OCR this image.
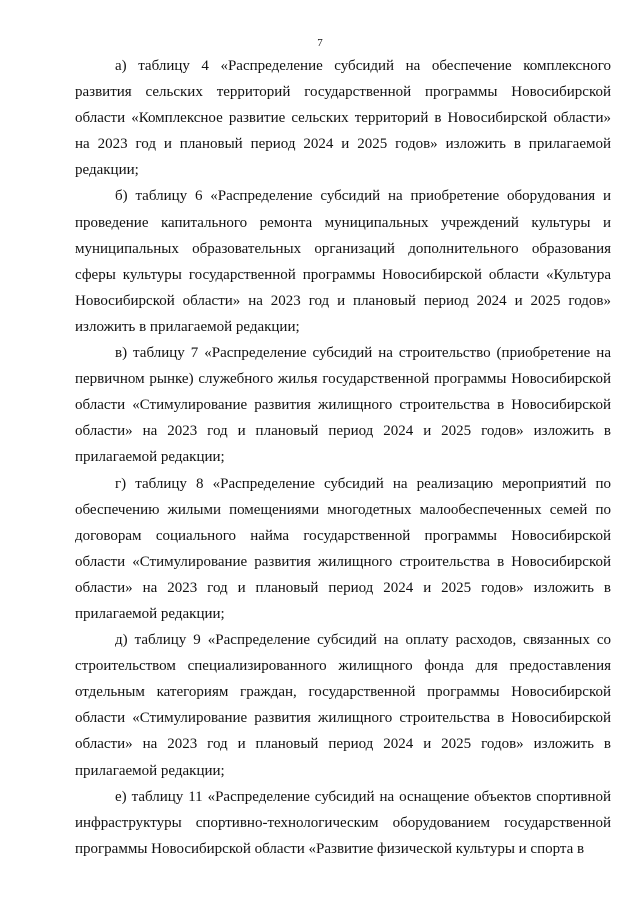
7

а) таблицу 4 «Распределение субсидий на обеспечение комплексного развития сельских территорий государственной программы Новосибирской области «Комплексное развитие сельских территорий в Новосибирской области» на 2023 год и плановый период 2024 и 2025 годов» изложить в прилагаемой редакции;

б) таблицу 6 «Распределение субсидий на приобретение оборудования и проведение капитального ремонта муниципальных учреждений культуры и муниципальных образовательных организаций дополнительного образования сферы культуры государственной программы Новосибирской области «Культура Новосибирской области» на 2023 год и плановый период 2024 и 2025 годов» изложить в прилагаемой редакции;

в) таблицу 7 «Распределение субсидий на строительство (приобретение на первичном рынке) служебного жилья государственной программы Новосибирской области «Стимулирование развития жилищного строительства в Новосибирской области» на 2023 год и плановый период 2024 и 2025 годов» изложить в прилагаемой редакции;

г) таблицу 8 «Распределение субсидий на реализацию мероприятий по обеспечению жилыми помещениями многодетных малообеспеченных семей по договорам социального найма государственной программы Новосибирской области «Стимулирование развития жилищного строительства в Новосибирской области» на 2023 год и плановый период 2024 и 2025 годов» изложить в прилагаемой редакции;

д) таблицу 9 «Распределение субсидий на оплату расходов, связанных со строительством специализированного жилищного фонда для предоставления отдельным категориям граждан, государственной программы Новосибирской области «Стимулирование развития жилищного строительства в Новосибирской области» на 2023 год и плановый период 2024 и 2025 годов» изложить в прилагаемой редакции;

е) таблицу 11 «Распределение субсидий на оснащение объектов спортивной инфраструктуры спортивно-технологическим оборудованием государственной программы Новосибирской области «Развитие физической культуры и спорта в
